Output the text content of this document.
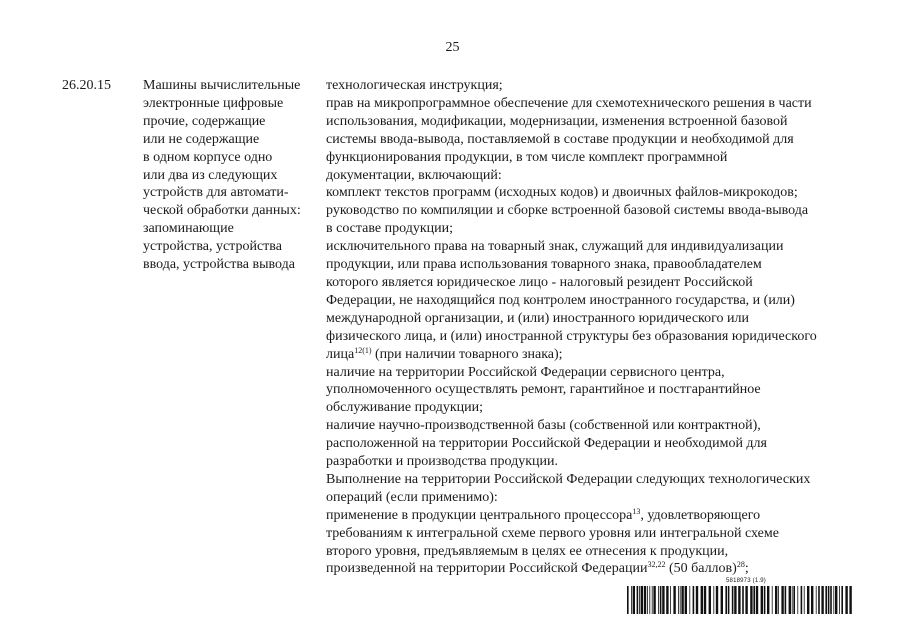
25
26.20.15	Машины вычислительные
электронные цифровые
прочие, содержащие
или не содержащие
в одном корпусе одно
или два из следующих
устройств для автомати-
ческой обработки данных:
запоминающие
устройства, устройства
ввода, устройства вывода
технологическая инструкция;
прав на микропрограммное обеспечение для схемотехнического решения в части
использования, модификации, модернизации, изменения встроенной базовой
системы ввода-вывода, поставляемой в составе продукции и необходимой для
функционирования продукции, в том числе комплект программной
документации, включающий:
комплект текстов программ (исходных кодов) и двоичных файлов-микрокодов;
руководство по компиляции и сборке встроенной базовой системы ввода-вывода
в составе продукции;
исключительного права на товарный знак, служащий для индивидуализации
продукции, или права использования товарного знака, правообладателем
которого является юридическое лицо - налоговый резидент Российской
Федерации, не находящийся под контролем иностранного государства, и (или)
международной организации, и (или) иностранного юридического или
физического лица, и (или) иностранной структуры без образования юридического
лица$^{12(1)}$ (при наличии товарного знака);
наличие на территории Российской Федерации сервисного центра,
уполномоченного осуществлять ремонт, гарантийное и постгарантийное
обслуживание продукции;
наличие научно-производственной базы (собственной или контрактной),
расположенной на территории Российской Федерации и необходимой для
разработки и производства продукции.
Выполнение на территории Российской Федерации следующих технологических
операций (если применимо):
применение в продукции центрального процессора$^{13}$, удовлетворяющего
требованиям к интегральной схеме первого уровня или интегральной схеме
второго уровня, предъявляемым в целях ее отнесения к продукции,
произведенной на территории Российской Федерации$^{32,22}$ (50 баллов)$^{28}$;
5818973 (1.9)
